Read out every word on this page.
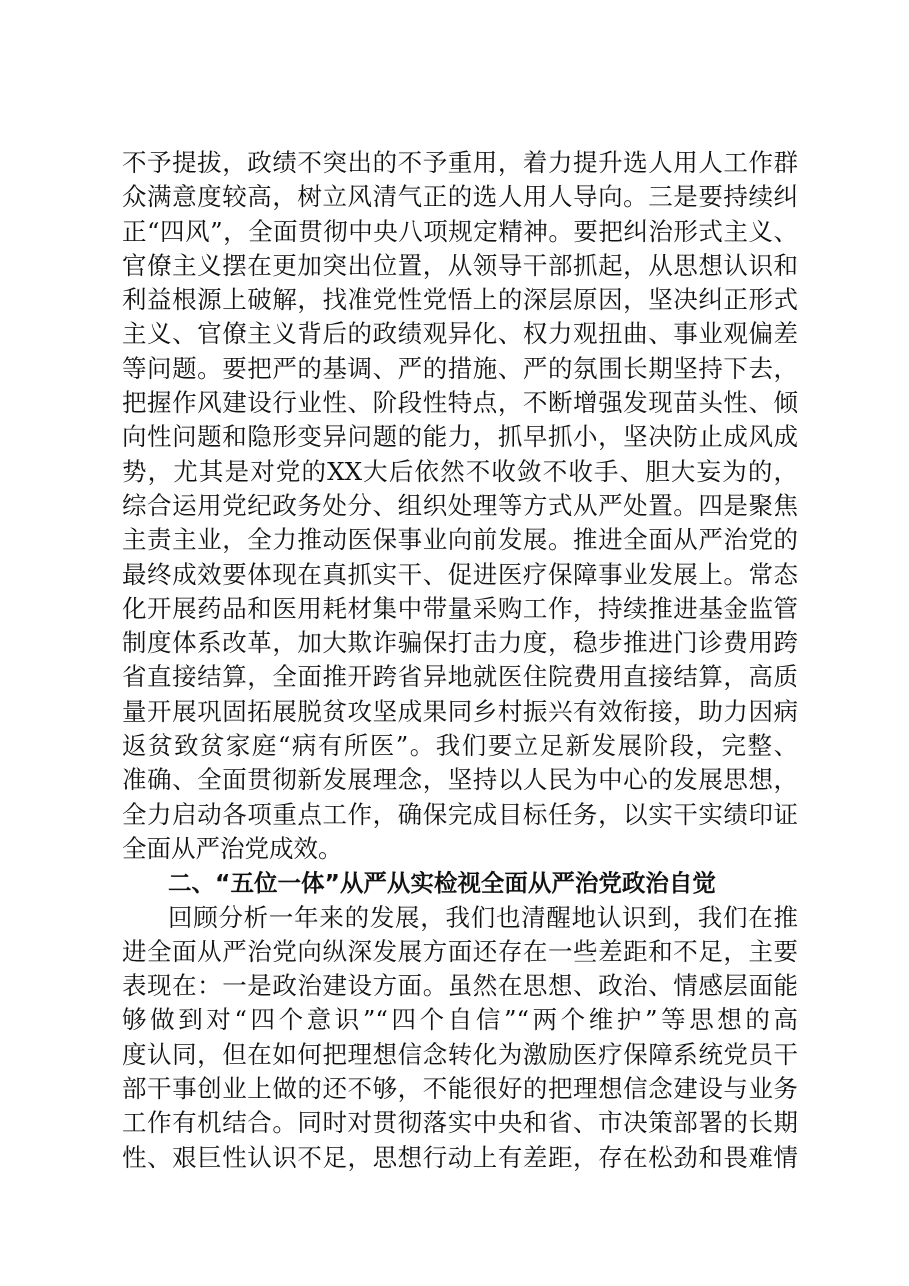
不予提拔，政绩不突出的不予重用，着力提升选人用人工作群
众满意度较高，树立风清气正的选人用人导向。三是要持续纠
正“四风”，全面贯彻中央八项规定精神。要把纠治形式主义、
官僚主义摆在更加突出位置，从领导干部抓起，从思想认识和
利益根源上破解，找准党性党悟上的深层原因，坚决纠正形式
主义、官僚主义背后的政绩观异化、权力观扭曲、事业观偏差
等问题。要把严的基调、严的措施、严的氛围长期坚持下去，
把握作风建设行业性、阶段性特点，不断增强发现苗头性、倾
向性问题和隐形变异问题的能力，抓早抓小，坚决防止成风成
势，尤其是对党的XX大后依然不收敛不收手、胆大妄为的，
综合运用党纪政务处分、组织处理等方式从严处置。四是聚焦
主责主业，全力推动医保事业向前发展。推进全面从严治党的
最终成效要体现在真抓实干、促进医疗保障事业发展上。常态
化开展药品和医用耗材集中带量采购工作，持续推进基金监管
制度体系改革，加大欺诈骗保打击力度，稳步推进门诊费用跨
省直接结算，全面推开跨省异地就医住院费用直接结算，高质
量开展巩固拓展脱贫攻坚成果同乡村振兴有效衔接，助力因病
返贫致贫家庭“病有所医”。我们要立足新发展阶段，完整、
准确、全面贯彻新发展理念，坚持以人民为中心的发展思想，
全力启动各项重点工作，确保完成目标任务，以实干实绩印证
全面从严治党成效。
二、“五位一体”从严从实检视全面从严治党政治自觉
回顾分析一年来的发展，我们也清醒地认识到，我们在推
进全面从严治党向纵深发展方面还存在一些差距和不足，主要
表现在：一是政治建设方面。虽然在思想、政治、情感层面能
够做到对“四个意识”“四个自信”“两个维护”等思想的高
度认同，但在如何把理想信念转化为激励医疗保障系统党员干
部干事创业上做的还不够，不能很好的把理想信念建设与业务
工作有机结合。同时对贯彻落实中央和省、市决策部署的长期
性、艰巨性认识不足，思想行动上有差距，存在松劲和畏难情
